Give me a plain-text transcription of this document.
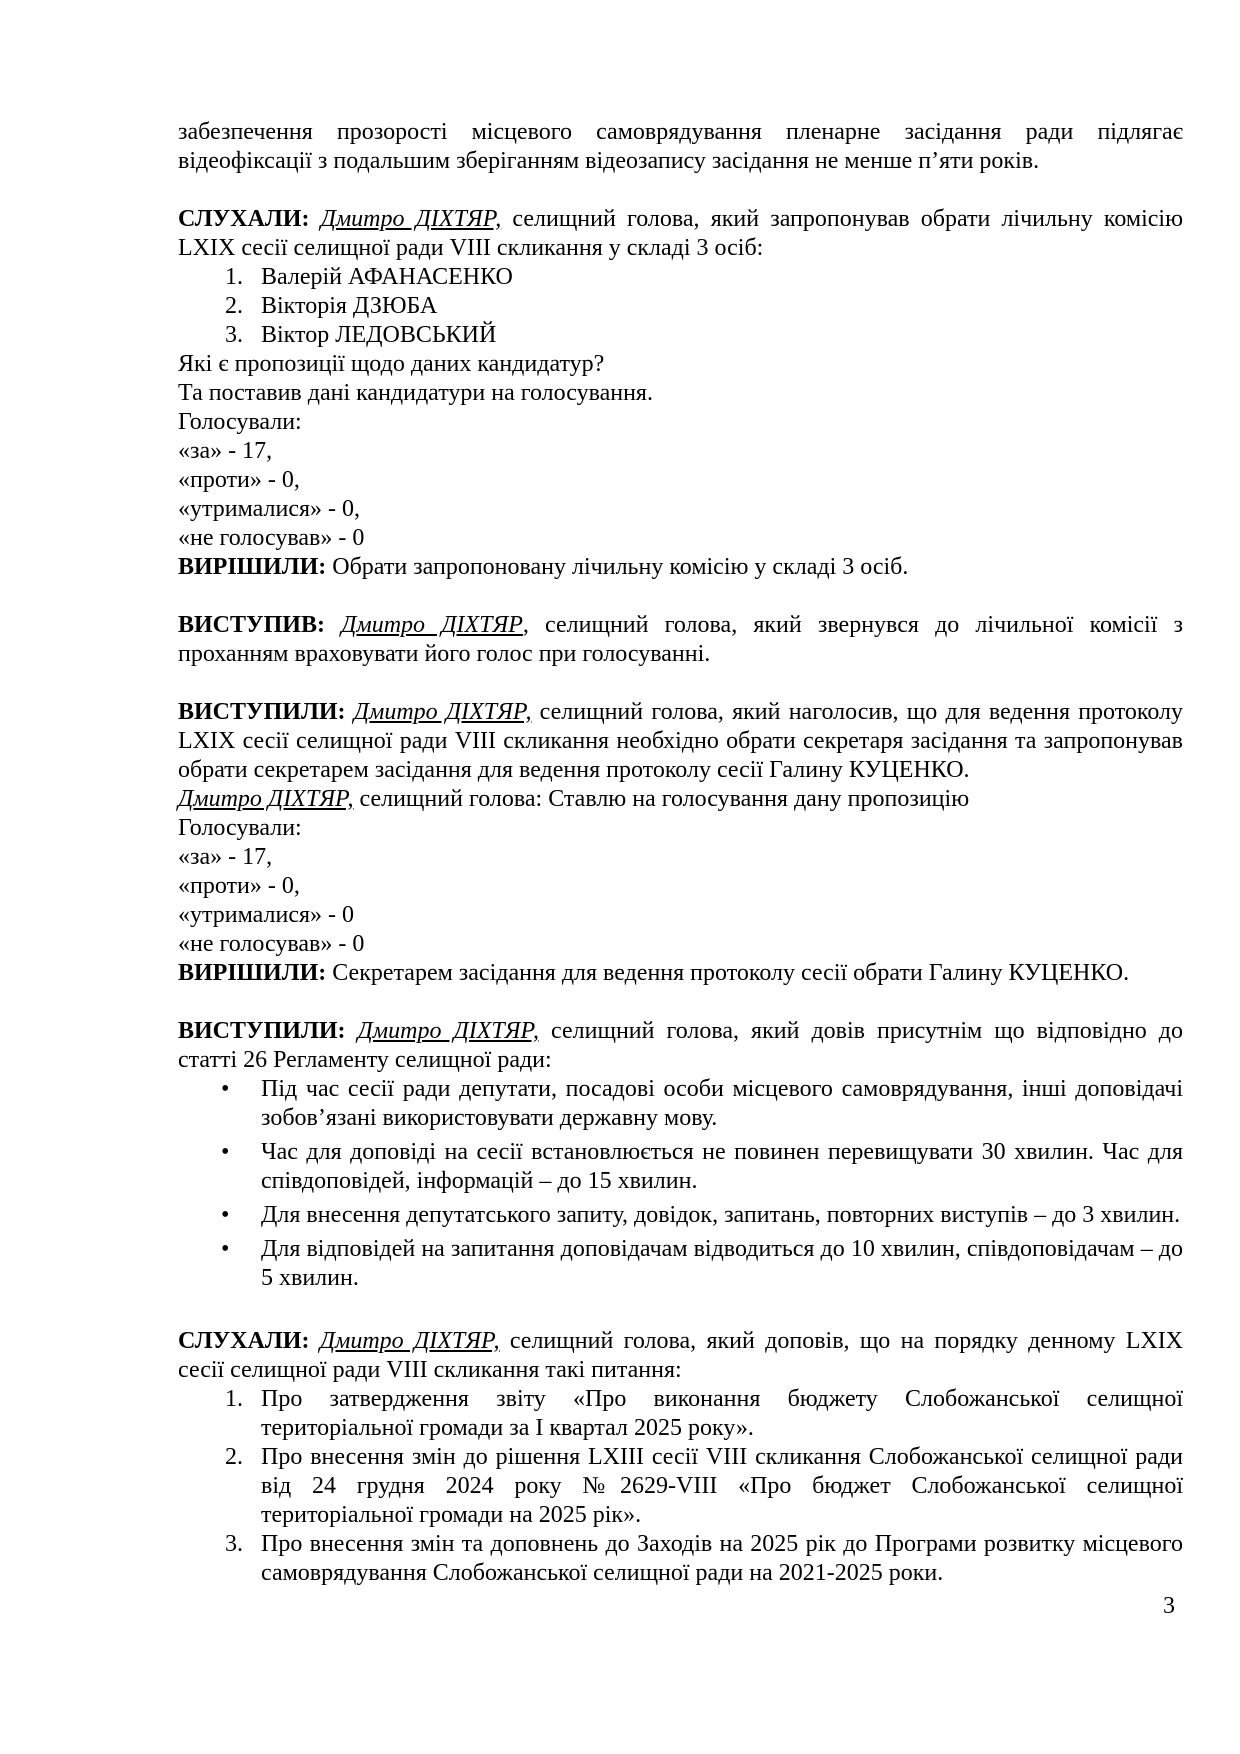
забезпечення прозорості місцевого самоврядування пленарне засідання ради підлягає відеофіксації з подальшим зберіганням відеозапису засідання не менше п’яти років.

СЛУХАЛИ: Дмитро ДІХТЯР, селищний голова, який запропонував обрати лічильну комісію LXIX сесії селищної ради VIII скликання у складі 3 осіб:

1. Валерій АФАНАСЕНКО
2. Вікторія ДЗЮБА
3. Віктор ЛЕДОВСЬКИЙ

Які є пропозиції щодо даних кандидатур?

Та поставив дані кандидатури на голосування.

Голосували:

«за» - 17,

«проти» - 0,

«утрималися» - 0,

«не голосував» - 0

ВИРІШИЛИ: Обрати запропоновану лічильну комісію у складі 3 осіб.

ВИСТУПИВ: Дмитро ДІХТЯР, селищний голова, який звернувся до лічильної комісії з проханням враховувати його голос при голосуванні.

ВИСТУПИЛИ: Дмитро ДІХТЯР, селищний голова, який наголосив, що для ведення протоколу LXIX сесії селищної ради VIII скликання необхідно обрати секретаря засідання та запропонував обрати секретарем засідання для ведення протоколу сесії Галину КУЦЕНКО.

Дмитро ДІХТЯР, селищний голова: Ставлю на голосування дану пропозицію

Голосували:

«за» - 17,

«проти» - 0,

«утрималися» - 0

«не голосував» - 0

ВИРІШИЛИ: Секретарем засідання для ведення протоколу сесії обрати Галину КУЦЕНКО.

ВИСТУПИЛИ: Дмитро ДІХТЯР, селищний голова, який довів присутнім що відповідно до статті 26 Регламенту селищної ради:

• Під час сесії ради депутати, посадові особи місцевого самоврядування, інші доповідачі зобов’язані використовувати державну мову.
• Час для доповіді на сесії встановлюється не повинен перевищувати 30 хвилин. Час для співдоповідей, інформацій – до 15 хвилин.
• Для внесення депутатського запиту, довідок, запитань, повторних виступів – до 3 хвилин.
• Для відповідей на запитання доповідачам відводиться до 10 хвилин, співдоповідачам – до 5 хвилин.

СЛУХАЛИ: Дмитро ДІХТЯР, селищний голова, який доповів, що на порядку денному LXIX сесії селищної ради VIII скликання такі питання:

1. Про затвердження звіту «Про виконання бюджету Слобожанської селищної територіальної громади за I квартал 2025 року».
2. Про внесення змін до рішення LXIII сесії VIII скликання Слобожанської селищної ради від 24 грудня 2024 року №2629-VIII «Про бюджет Слобожанської селищної територіальної громади на 2025 рік».
3. Про внесення змін та доповнень до Заходів на 2025 рік до Програми розвитку місцевого самоврядування Слобожанської селищної ради на 2021-2025 роки.
3
